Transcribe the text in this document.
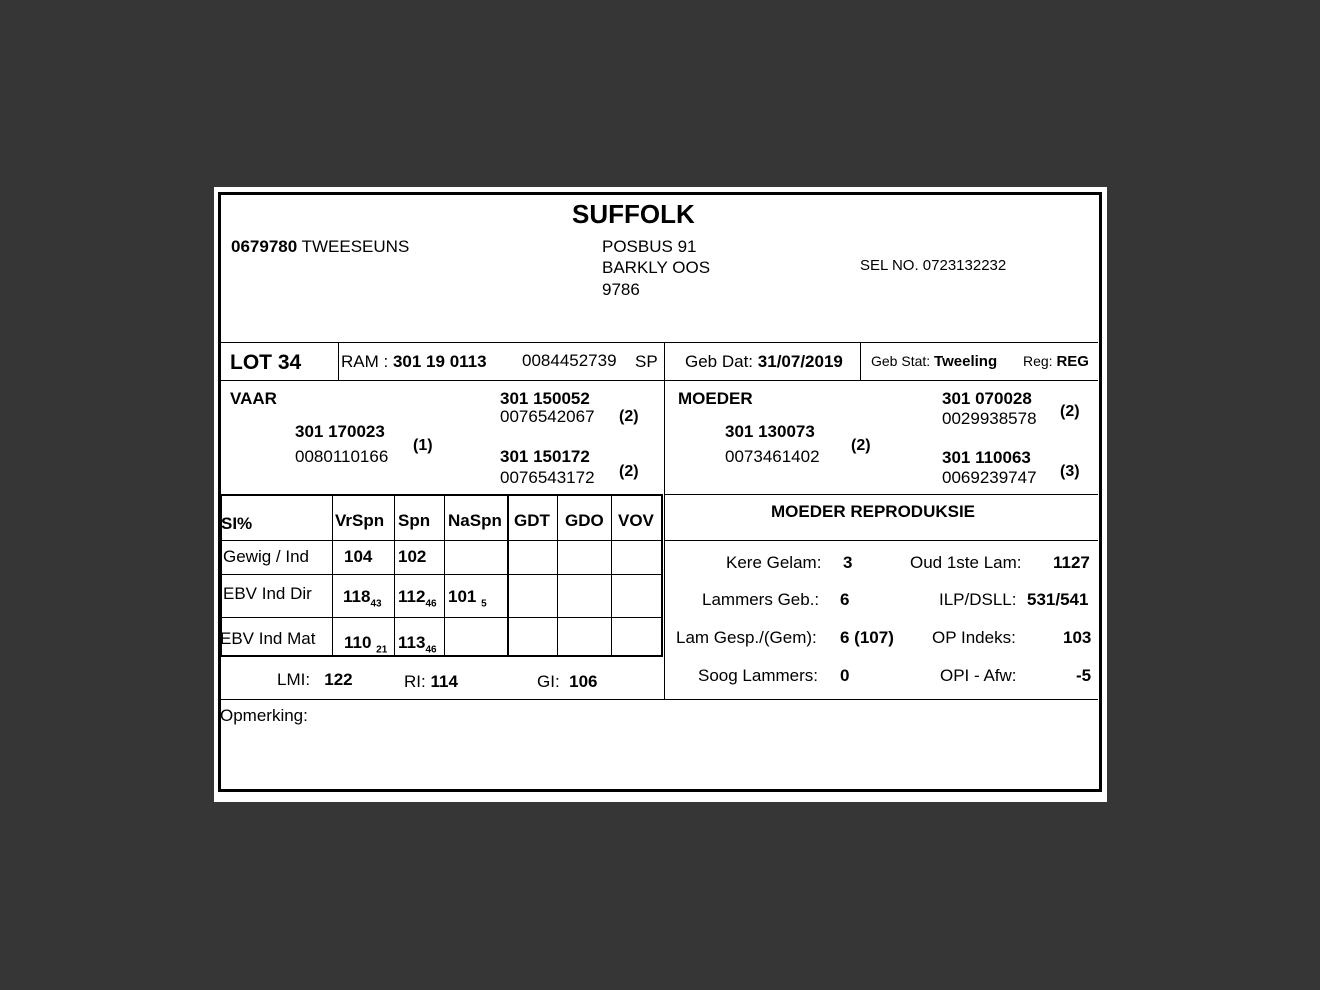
SUFFOLK
0679780 TWEESEUNS	POSBUS 91
BARKLY OOS
9786
SEL NO. 0723132232
LOT 34 RAM : 301 19 0113 0084452739 SP Geb Dat: 31/07/2019 Geb Stat: Tweeling Reg: REG
VAAR
301 170023
0080110166
(1)
301 150052
0076542067 (2)
301 150172
0076543172 (2)
MOEDER
301 130073
0073461402
(2)
301 070028
0029938578 (2)
301 110063
0069239747 (3)
SI%	VrSpn Spn NaSpn GDT GDO VOV
Gewig / Ind 104 102
EBV Ind Dir $118_{43}$ $112_{46}$ 101 $_5$
EBV Ind Mat 110 $_{21}$ $113_{46}$
LMI: 122	RI: 114	GI: 106
MOEDER REPRODUKSIE
Kere Gelam: 3	Oud 1ste Lam: 1127
Lammers Geb.: 6	ILP/DSLL: 531/541
Lam Gesp./(Gem): 6 (107) OP Indeks:	103
Soog Lammers: 0	OPI - Afw:	-5
Opmerking:
